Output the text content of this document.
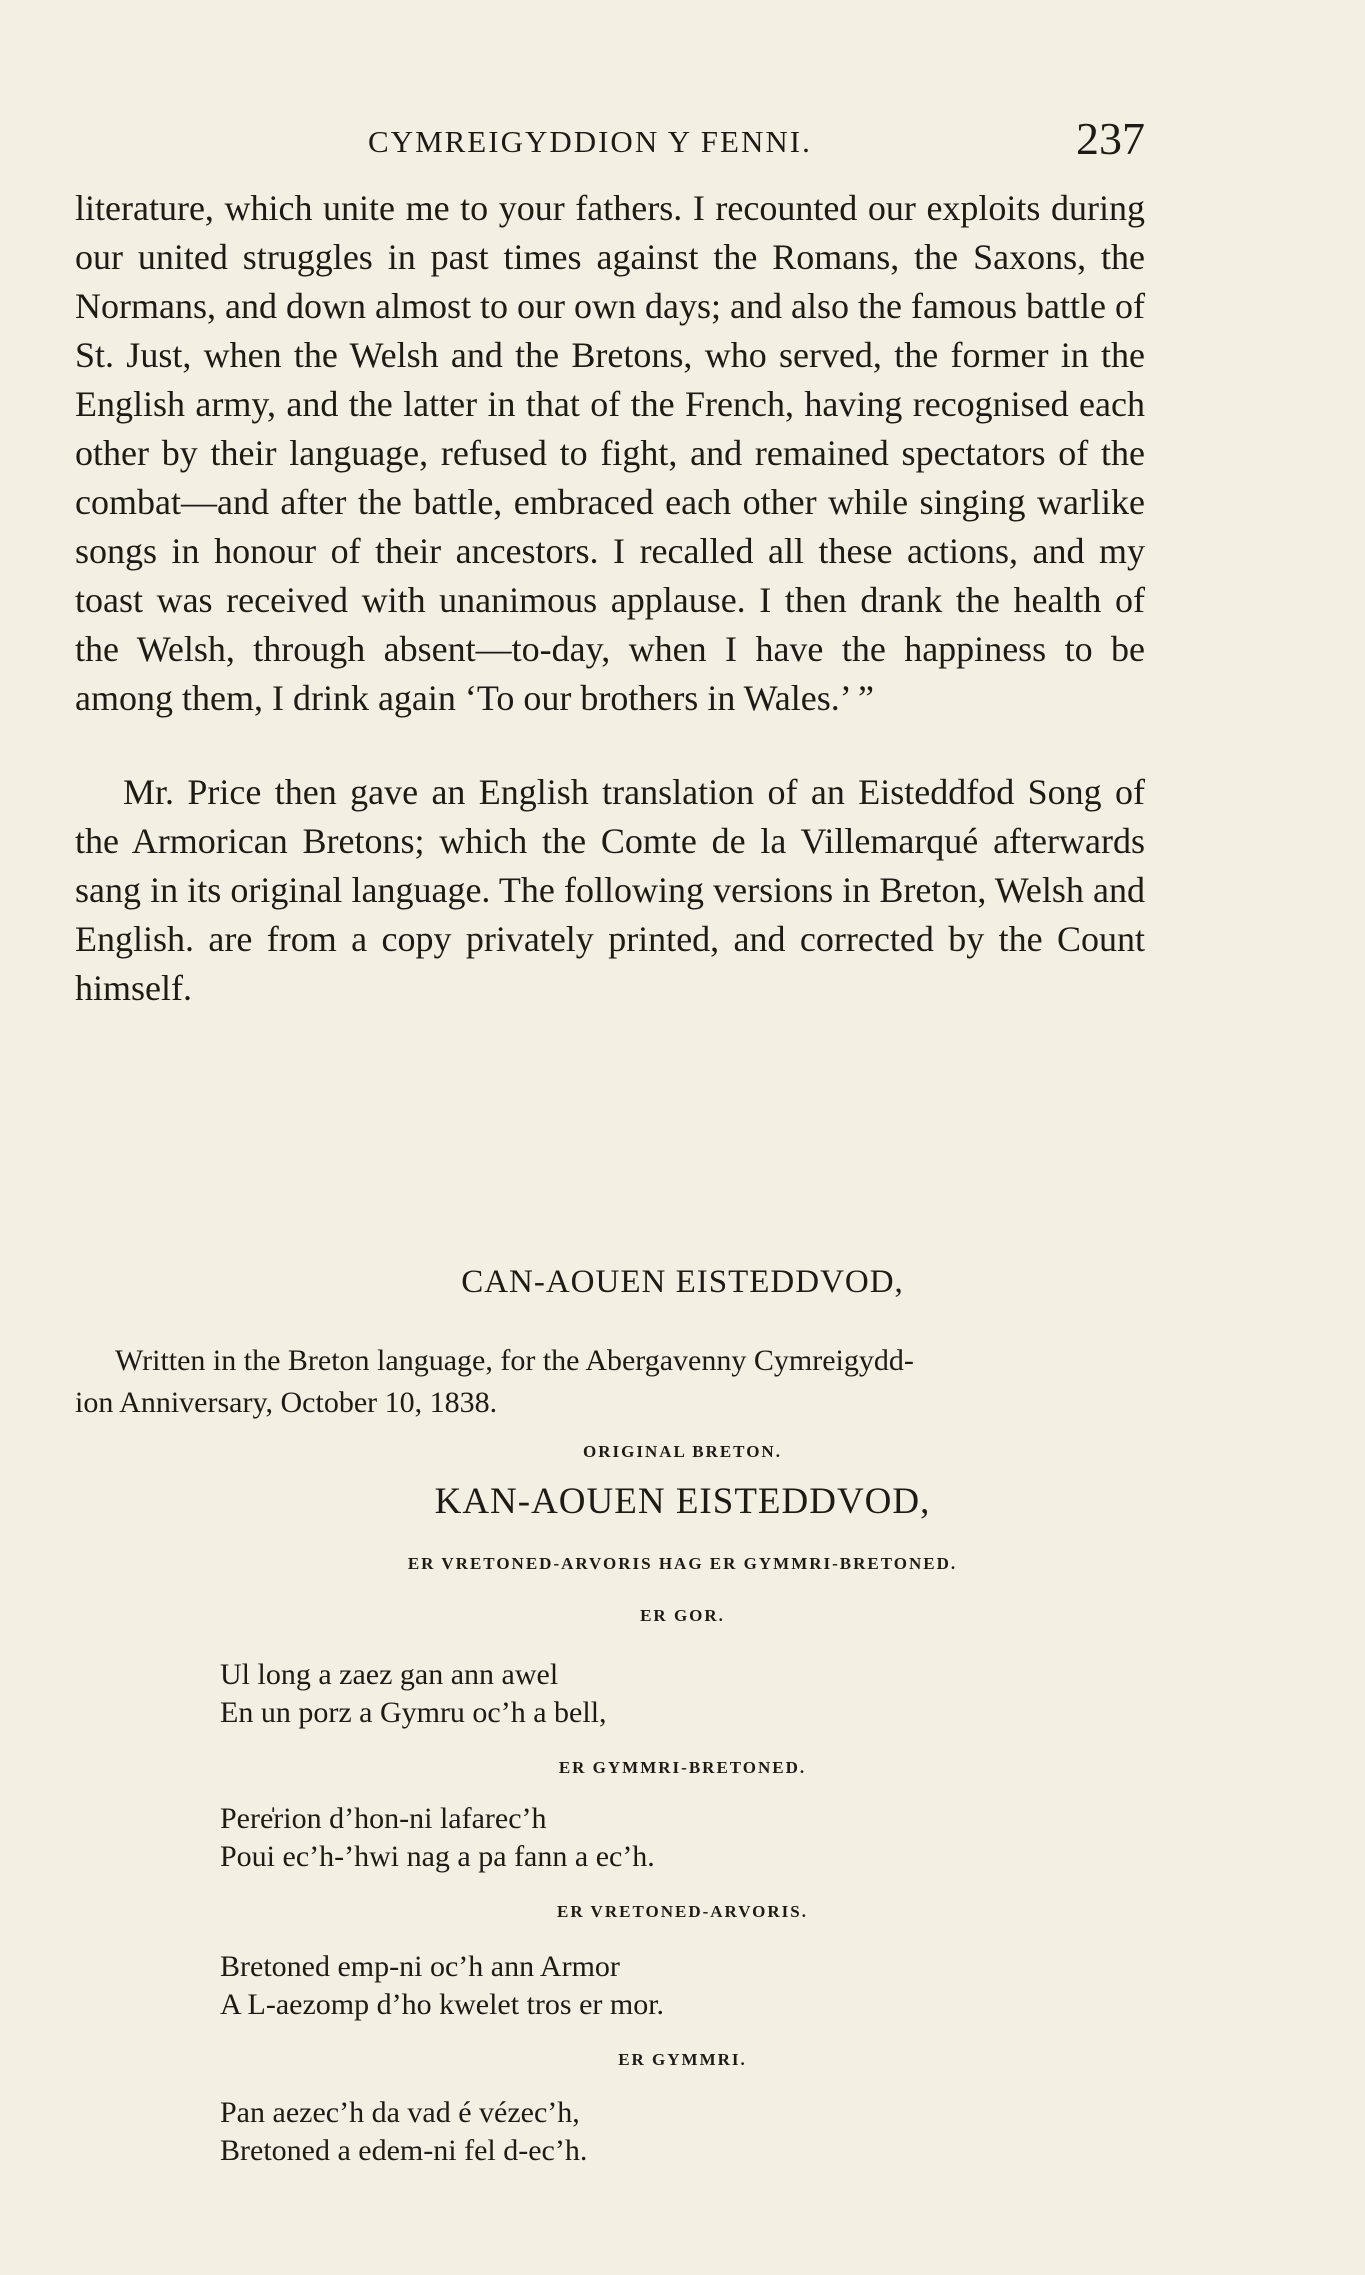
CYMREIGYDDION Y FENNI.	237

literature, which unite me to your fathers. I recounted our exploits during our united struggles in past times against the Romans, the Saxons, the Normans, and down almost to our own days; and also the famous battle of St. Just, when the Welsh and the Bretons, who served, the former in the English army, and the latter in that of the French, having recognised each other by their language, refused to fight, and remained spectators of the combat—and after the battle, embraced each other while singing warlike songs in honour of their ancestors. I recalled all these actions, and my toast was received with unanimous applause. I then drank the health of the Welsh, through absent—to-day, when I have the happiness to be among them, I drink again ‘To our brothers in Wales.’ ”

Mr. Price then gave an English translation of an Eisteddfod Song of the Armorican Bretons; which the Comte de la Villemarqué afterwards sang in its original language. The following versions in Breton, Welsh and English. are from a copy privately printed, and corrected by the Count himself.

CAN-AOUEN EISTEDDVOD,
Written in the Breton language, for the Abergavenny Cymreigydd-
ion Anniversary, October 10, 1838.
ORIGINAL BRETON.
KAN-AOUEN EISTEDDVOD,
ER VRETONED-ARVORIS HAG ER GYMMRI-BRETONED.
ER GOR.
Ul long a zaez gan ann awel
En un porz a Gymru oc’h a bell,
ER GYMMRI-BRETONED.
Pere̍rion d’hon-ni lafarec’h
Poui ec’h-’hwi nag a pa fann a ec’h.
ER VRETONED-ARVORIS.
Bretoned emp-ni oc’h ann Armor
A L-aezomp d’ho kwelet tros er mor.
ER GYMMRI.
Pan aezec’h da vad é vézec’h,
Bretoned a edem-ni fel d-ec’h.
